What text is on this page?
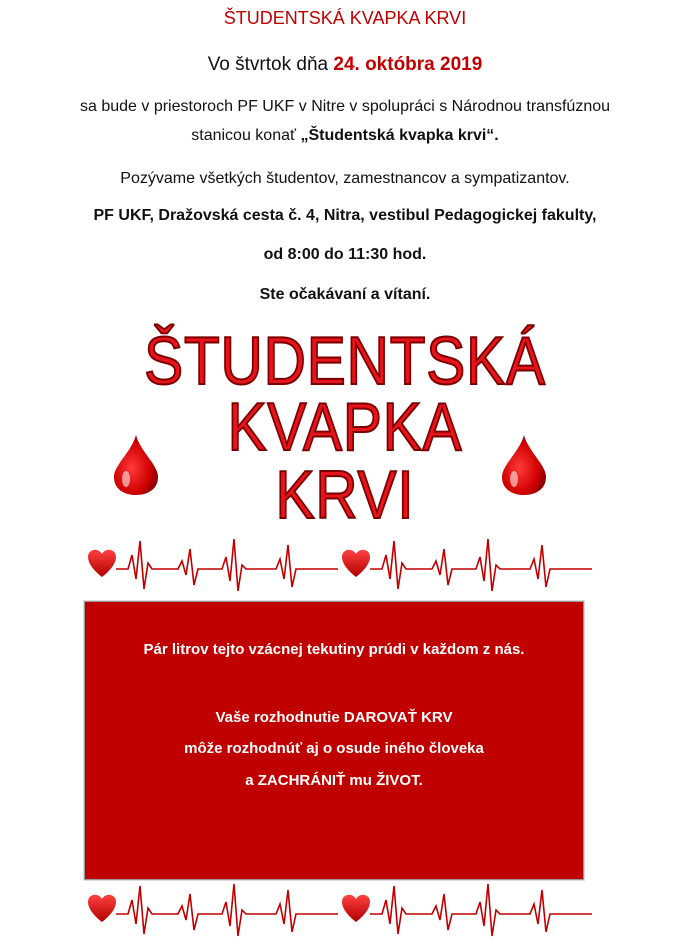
ŠTUDENTSKÁ KVAPKA KRVI
Vo štvrtok dňa 24. októbra 2019
sa bude v priestoroch PF UKF v Nitre v spolupráci s Národnou transfúznou
stanicou konať „Študentská kvapka krvi“.
Pozývame všetkých študentov, zamestnancov a sympatizantov.
PF UKF, Dražovská cesta č. 4, Nitra, vestibul Pedagogickej fakulty,
od 8:00 do 11:30 hod.
Ste očakávaní a vítaní.
ŠTUDENTSKÁ
KVAPKA
KRVI
Pár litrov tejto vzácnej tekutiny prúdi v každom z nás.
Vaše rozhodnutie DAROVAŤ KRV
môže rozhodnúť aj o osude iného človeka
a ZACHRÁNIŤ mu ŽIVOT.
